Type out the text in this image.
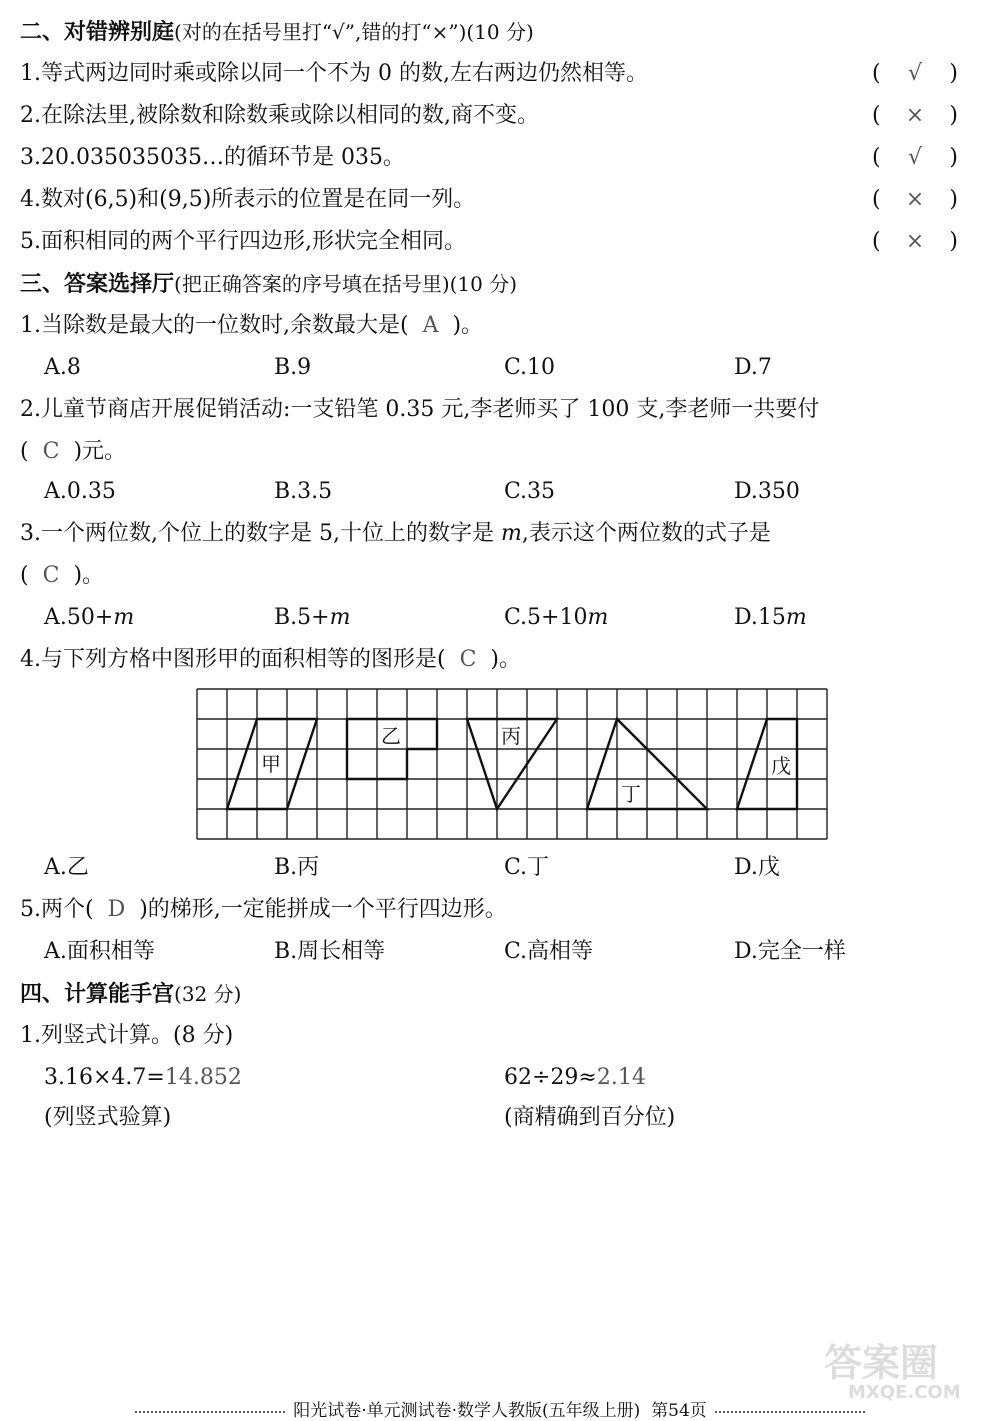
二、对错辨别庭(对的在括号里打“√”,错的打“×”)(10 分)
1.等式两边同时乘或除以同一个不为 0 的数,左右两边仍然相等。	( √ )
2.在除法里,被除数和除数乘或除以相同的数,商不变。	( × )
3.20.035035035…的循环节是 035。	( √ )
4.数对(6,5)和(9,5)所表示的位置是在同一列。	( × )
5.面积相同的两个平行四边形,形状完全相同。	( × )
三、答案选择厅(把正确答案的序号填在括号里)(10 分)
1.当除数是最大的一位数时,余数最大是( A )。
A.8	B.9	C.10	D.7
2.儿童节商店开展促销活动:一支铅笔 0.35 元,李老师买了 100 支,李老师一共要付
( C )元。
A.0.35	B.3.5	C.35	D.350
3.一个两位数,个位上的数字是 5,十位上的数字是 m,表示这个两位数的式子是
( C )。
A.50+m	B.5+m	C.5+10m	D.15m
4.与下列方格中图形甲的面积相等的图形是( C )。
甲
乙	丙
丁
戊
A.乙	B.丙	C.丁	D.戊
5.两个( D )的梯形,一定能拼成一个平行四边形。
A.面积相等	B.周长相等	C.高相等	D.完全一样
四、计算能手宫(32 分)
1.列竖式计算。(8 分)
3.16×4.7=14.852	62÷29≈2.14
(列竖式验算)	(商精确到百分位)
答案圈
MXQE.COM
阳光试卷·单元测试卷·数学人教版(五年级上册) 第54页
